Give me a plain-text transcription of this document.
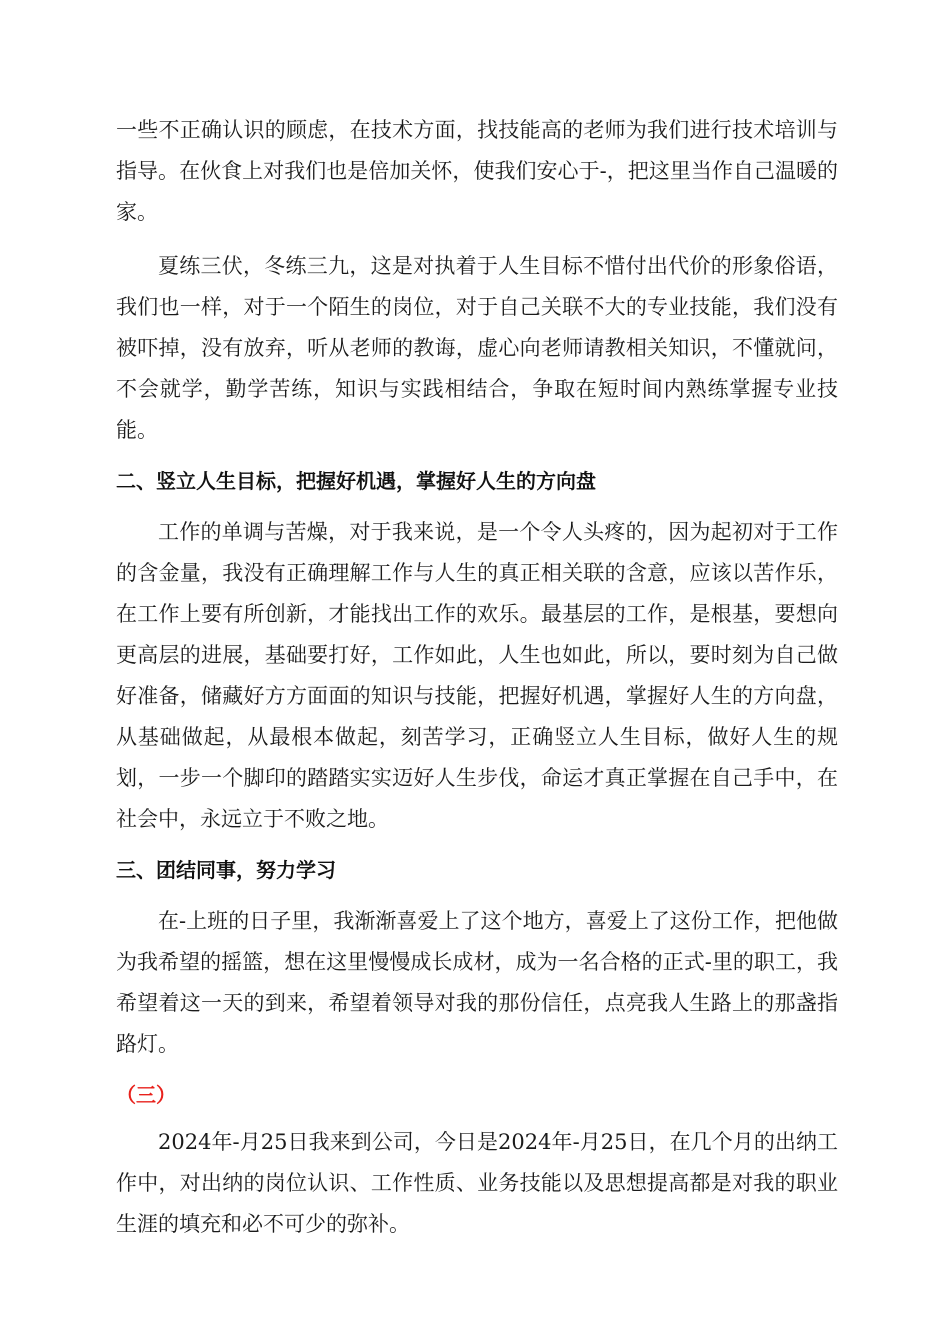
一些不正确认识的顾虑，在技术方面，找技能高的老师为我们进行技术培训与指导。在伙食上对我们也是倍加关怀，使我们安心于-，把这里当作自己温暖的家。

夏练三伏，冬练三九，这是对执着于人生目标不惜付出代价的形象俗语，我们也一样，对于一个陌生的岗位，对于自己关联不大的专业技能，我们没有被吓掉，没有放弃，听从老师的教诲，虚心向老师请教相关知识，不懂就问，不会就学，勤学苦练，知识与实践相结合，争取在短时间内熟练掌握专业技能。

二、竖立人生目标，把握好机遇，掌握好人生的方向盘

工作的单调与苦燥，对于我来说，是一个令人头疼的，因为起初对于工作的含金量，我没有正确理解工作与人生的真正相关联的含意，应该以苦作乐，在工作上要有所创新，才能找出工作的欢乐。最基层的工作，是根基，要想向更高层的进展，基础要打好，工作如此，人生也如此，所以，要时刻为自己做好准备，储藏好方方面面的知识与技能，把握好机遇，掌握好人生的方向盘，从基础做起，从最根本做起，刻苦学习，正确竖立人生目标，做好人生的规划，一步一个脚印的踏踏实实迈好人生步伐，命运才真正掌握在自己手中，在社会中，永远立于不败之地。

三、团结同事，努力学习

在-上班的日子里，我渐渐喜爱上了这个地方，喜爱上了这份工作，把他做为我希望的摇篮，想在这里慢慢成长成材，成为一名合格的正式-里的职工，我希望着这一天的到来，希望着领导对我的那份信任，点亮我人生路上的那盏指路灯。

（三）

2024年-月25日我来到公司，今日是2024年-月25日，在几个月的出纳工作中，对出纳的岗位认识、工作性质、业务技能以及思想提高都是对我的职业生涯的填充和必不可少的弥补。
